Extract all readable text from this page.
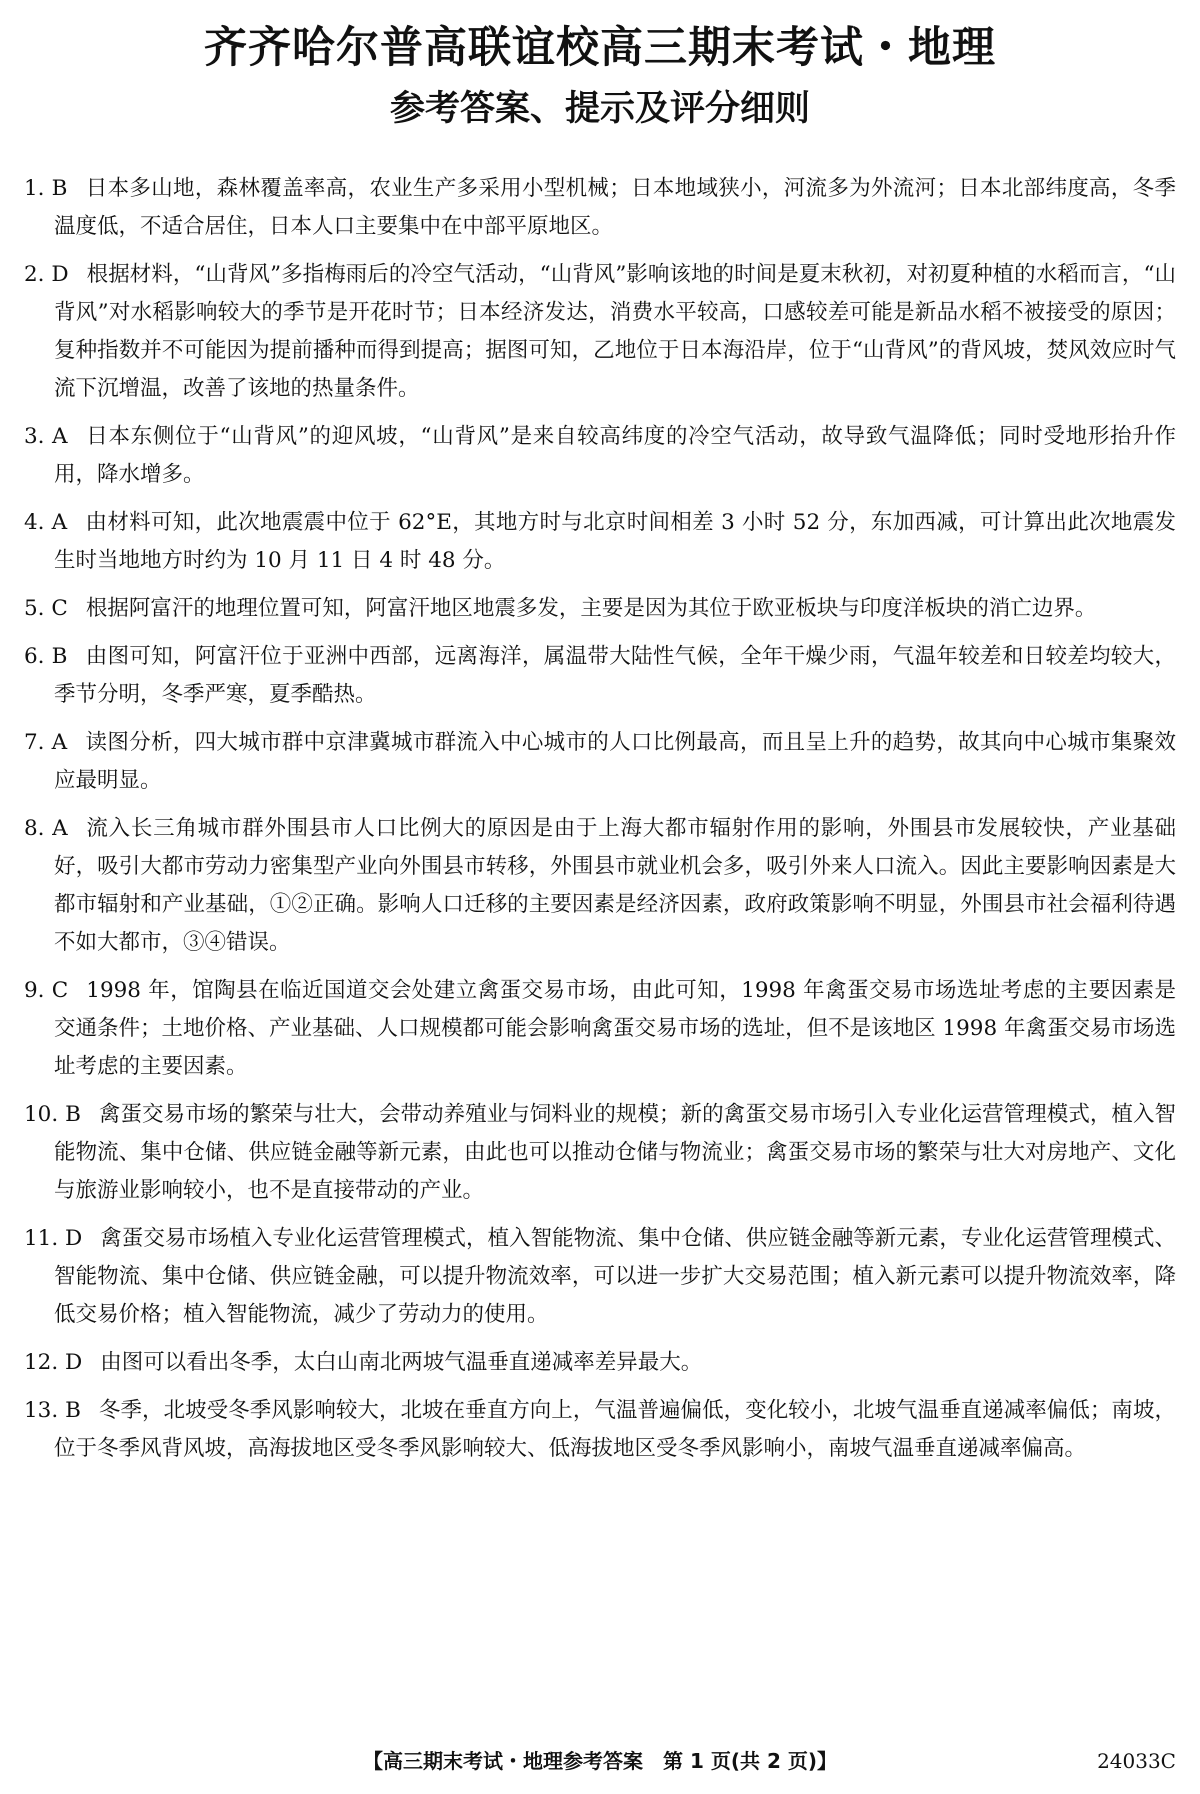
齐齐哈尔普高联谊校高三期末考试・地理
参考答案、提示及评分细则
1. B 日本多山地，森林覆盖率高，农业生产多采用小型机械；日本地域狭小，河流多为外流河；日本北部纬度高，冬季温度低，不适合居住，日本人口主要集中在中部平原地区。
2. D 根据材料，“山背风”多指梅雨后的冷空气活动，“山背风”影响该地的时间是夏末秋初，对初夏种植的水稻而言，“山背风”对水稻影响较大的季节是开花时节；日本经济发达，消费水平较高，口感较差可能是新品水稻不被接受的原因；复种指数并不可能因为提前播种而得到提高；据图可知，乙地位于日本海沿岸，位于“山背风”的背风坡，焚风效应时气流下沉增温，改善了该地的热量条件。
3. A 日本东侧位于“山背风”的迎风坡，“山背风”是来自较高纬度的冷空气活动，故导致气温降低；同时受地形抬升作用，降水增多。
4. A 由材料可知，此次地震震中位于 62°E，其地方时与北京时间相差 3 小时 52 分，东加西减，可计算出此次地震发生时当地地方时约为 10 月 11 日 4 时 48 分。
5. C 根据阿富汗的地理位置可知，阿富汗地区地震多发，主要是因为其位于欧亚板块与印度洋板块的消亡边界。
6. B 由图可知，阿富汗位于亚洲中西部，远离海洋，属温带大陆性气候，全年干燥少雨，气温年较差和日较差均较大，季节分明，冬季严寒，夏季酷热。
7. A 读图分析，四大城市群中京津冀城市群流入中心城市的人口比例最高，而且呈上升的趋势，故其向中心城市集聚效应最明显。
8. A 流入长三角城市群外围县市人口比例大的原因是由于上海大都市辐射作用的影响，外围县市发展较快，产业基础好，吸引大都市劳动力密集型产业向外围县市转移，外围县市就业机会多，吸引外来人口流入。因此主要影响因素是大都市辐射和产业基础，①②正确。影响人口迁移的主要因素是经济因素，政府政策影响不明显，外围县市社会福利待遇不如大都市，③④错误。
9. C 1998 年，馆陶县在临近国道交会处建立禽蛋交易市场，由此可知，1998 年禽蛋交易市场选址考虑的主要因素是交通条件；土地价格、产业基础、人口规模都可能会影响禽蛋交易市场的选址，但不是该地区 1998 年禽蛋交易市场选址考虑的主要因素。
10. B 禽蛋交易市场的繁荣与壮大，会带动养殖业与饲料业的规模；新的禽蛋交易市场引入专业化运营管理模式，植入智能物流、集中仓储、供应链金融等新元素，由此也可以推动仓储与物流业；禽蛋交易市场的繁荣与壮大对房地产、文化与旅游业影响较小，也不是直接带动的产业。
11. D 禽蛋交易市场植入专业化运营管理模式，植入智能物流、集中仓储、供应链金融等新元素，专业化运营管理模式、智能物流、集中仓储、供应链金融，可以提升物流效率，可以进一步扩大交易范围；植入新元素可以提升物流效率，降低交易价格；植入智能物流，减少了劳动力的使用。
12. D 由图可以看出冬季，太白山南北两坡气温垂直递减率差异最大。
13. B 冬季，北坡受冬季风影响较大，北坡在垂直方向上，气温普遍偏低，变化较小，北坡气温垂直递减率偏低；南坡，位于冬季风背风坡，高海拔地区受冬季风影响较大、低海拔地区受冬季风影响小，南坡气温垂直递减率偏高。
【高三期末考试・地理参考答案　第 1 页(共 2 页)】	24033C
